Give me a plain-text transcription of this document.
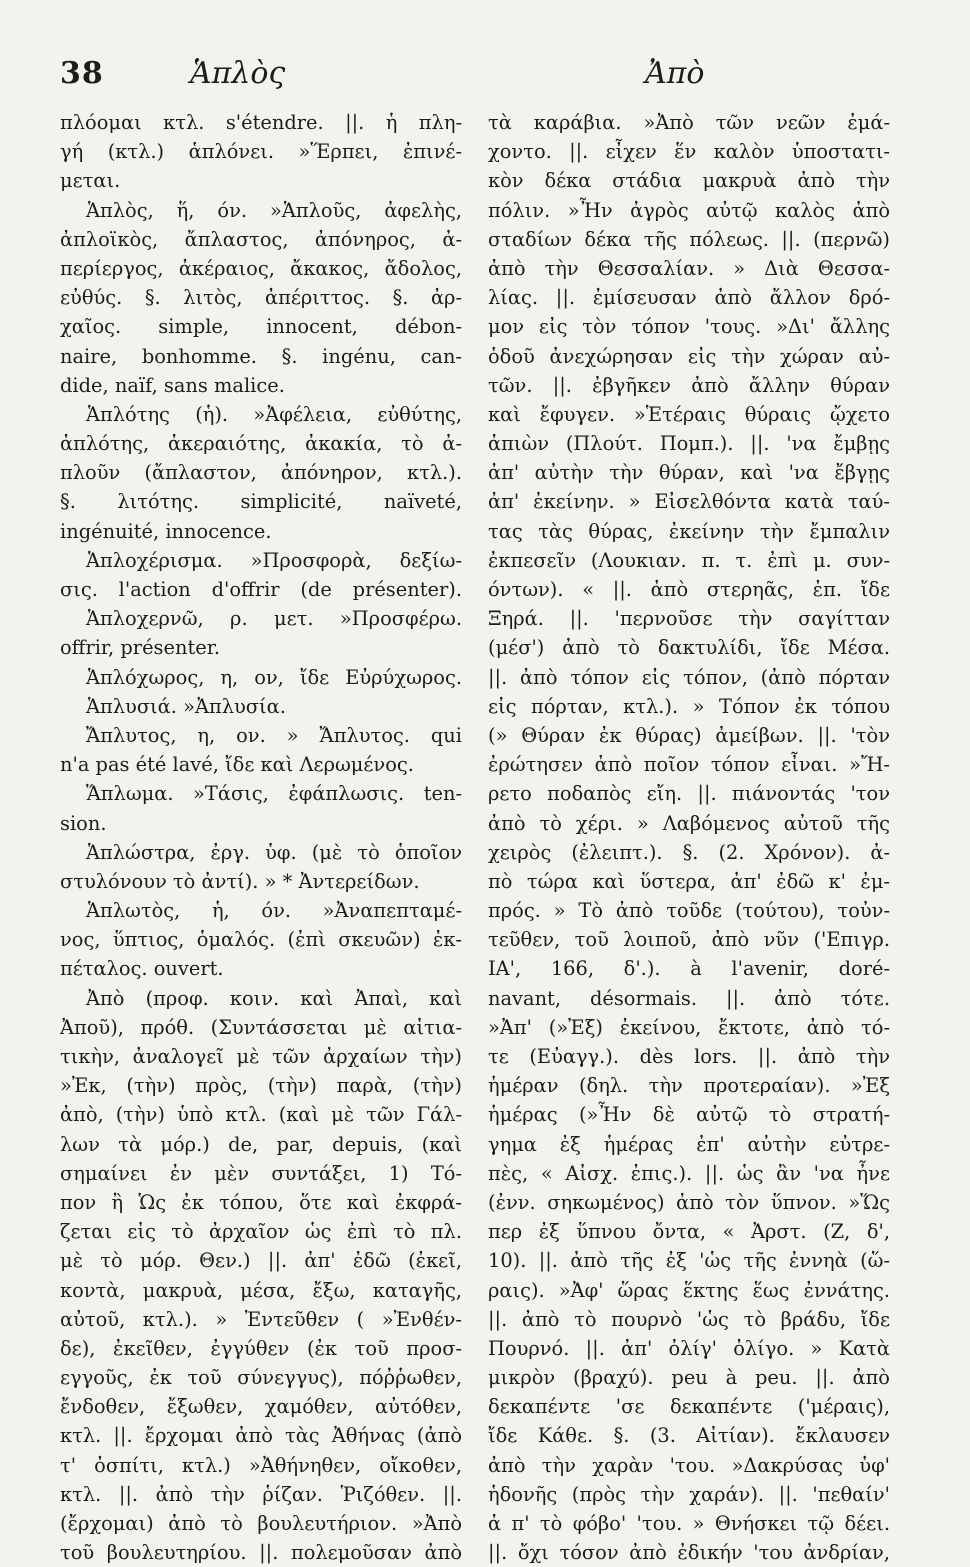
38	Ἁπλὸς	Ἀπὸ
πλόομαι κτλ. s'étendre. ||. ἡ πλη-
γή (κτλ.) ἁπλόνει. »Ἕρπει, ἐπινέ-
μεται.
Ἁπλὸς, ἥ, όν. »Ἁπλοῦς, ἀφελὴς,
ἀπλοϊκὸς, ἄπλαστος, ἀπόνηρος, ἀ-
περίεργος, ἀκέραιος, ἄκακος, ἄδολος,
εὐθύς. §. λιτὸς, ἀπέριττος. §. ἀρ-
χαῖος. simple, innocent, débon-
naire, bonhomme. §. ingénu, can-
dide, naïf, sans malice.
Ἁπλότης (ἡ). »Ἀφέλεια, εὐθύτης,
ἁπλότης, ἀκεραιότης, ἀκακία, τὸ ἀ-
πλοῦν (ἄπλαστον, ἀπόνηρον, κτλ.).
§. λιτότης. simplicité, naïveté,
ingénuité, innocence.
Ἁπλοχέρισμα. »Προσφορὰ, δεξίω-
σις. l'action d'offrir (de présenter).
Ἁπλοχερνῶ, ρ. μετ. »Προσφέρω.
offrir, présenter.
Ἁπλόχωρος, η, ον, ἴδε Εὐρύχωρος.
Ἁπλυσιά. »Ἀπλυσία.
Ἄπλυτος, η, ον. » Ἄπλυτος. qui
n'a pas été lavé, ἴδε καὶ Λερωμένος.
Ἅπλωμα. »Τάσις, ἐφάπλωσις. ten-
sion.
Ἁπλώστρα, ἐργ. ὑφ. (μὲ τὸ ὁποῖον
στυλόνουν τὸ ἀντί). » * Ἀντερείδων.
Ἁπλωτὸς, ἡ, όν. »Ἀναπεπταμέ-
νος, ὕπτιος, ὁμαλός. (ἐπὶ σκευῶν) ἐκ-
πέταλος. ouvert.
Ἀπὸ (προφ. κοιν. καὶ Ἀπαὶ, καὶ
Ἀποῦ), πρόθ. (Συντάσσεται μὲ αἰτια-
τικὴν, ἀναλογεῖ μὲ τῶν ἀρχαίων τὴν)
»Ἐκ, (τὴν) πρὸς, (τὴν) παρὰ, (τὴν)
ἀπὸ, (τὴν) ὑπὸ κτλ. (καὶ μὲ τῶν Γάλ-
λων τὰ μόρ.) de, par, depuis, (καὶ
σημαίνει ἐν μὲν συντάξει, 1) Τό-
πον ἢ Ὡς ἐκ τόπου, ὅτε καὶ ἐκφρά-
ζεται εἰς τὸ ἀρχαῖον ὡς ἐπὶ τὸ πλ.
μὲ τὸ μόρ. Θεν.) ||. ἀπ' ἐδῶ (ἐκεῖ,
κοντὰ, μακρυὰ, μέσα, ἔξω, καταγῆς,
αὐτοῦ, κτλ.). » Ἐντεῦθεν ( »Ἐνθέν-
δε), ἐκεῖθεν, ἐγγύθεν (ἐκ τοῦ προσ-
εγγοῦς, ἐκ τοῦ σύνεγγυς), πόῤῥωθεν,
ἔνδοθεν, ἔξωθεν, χαμόθεν, αὐτόθεν,
κτλ. ||. ἔρχομαι ἀπὸ τὰς Ἀθήνας (ἀπὸ
τ' ὀσπίτι, κτλ.) »Ἀθήνηθεν, οἴκοθεν,
κτλ. ||. ἀπὸ τὴν ῥίζαν. Ῥιζόθεν. ||.
(ἔρχομαι) ἀπὸ τὸ βουλευτήριον. »Ἀπὸ
τοῦ βουλευτηρίου. ||. πολεμοῦσαν ἀπὸ
τὰ καράβια. »Ἀπὸ τῶν νεῶν ἐμά-
χοντο. ||. εἶχεν ἕν καλὸν ὑποστατι-
κὸν δέκα στάδια μακρυὰ ἀπὸ τὴν
πόλιν. »Ἦν ἀγρὸς αὐτῷ καλὸς ἀπὸ
σταδίων δέκα τῆς πόλεως. ||. (περνῶ)
ἀπὸ τὴν Θεσσαλίαν. » Διὰ Θεσσα-
λίας. ||. ἐμίσευσαν ἀπὸ ἄλλον δρό-
μον εἰς τὸν τόπον 'τους. »Δι' ἄλλης
ὁδοῦ ἀνεχώρησαν εἰς τὴν χώραν αὐ-
τῶν. ||. ἐβγῆκεν ἀπὸ ἄλλην θύραν
καὶ ἔφυγεν. »Ἑτέραις θύραις ᾤχετο
ἀπιὼν (Πλούτ. Πομπ.). ||. 'να ἔμβῃς
ἀπ' αὐτὴν τὴν θύραν, καὶ 'να ἔβγῃς
ἀπ' ἐκείνην. » Εἰσελθόντα κατὰ ταύ-
τας τὰς θύρας, ἐκείνην τὴν ἔμπαλιν
ἐκπεσεῖν (Λουκιαν. π. τ. ἐπὶ μ. συν-
όντων). « ||. ἀπὸ στερηᾶς, ἐπ. ἴδε
Ξηρά. ||. 'περνοῦσε τὴν σαγίτταν
(μέσ') ἀπὸ τὸ δακτυλίδι, ἴδε Μέσα.
||. ἀπὸ τόπον εἰς τόπον, (ἀπὸ πόρταν
εἰς πόρταν, κτλ.). » Τόπον ἐκ τόπου
(» Θύραν ἐκ θύρας) ἀμείβων. ||. 'τὸν
ἐρώτησεν ἀπὸ ποῖον τόπον εἶναι. »Ἤ-
ρετο ποδαπὸς εἴη. ||. πιάνοντάς 'τον
ἀπὸ τὸ χέρι. » Λαβόμενος αὐτοῦ τῆς
χειρὸς (ἐλειπτ.). §. (2. Χρόνον). ἀ-
πὸ τώρα καὶ ὕστερα, ἀπ' ἐδῶ κ' ἐμ-
πρός. » Τὸ ἀπὸ τοῦδε (τούτου), τοὐν-
τεῦθεν, τοῦ λοιποῦ, ἀπὸ νῦν ('Επιγρ.
ΙΑ', 166, δ'.). à l'avenir, doré-
navant, désormais. ||. ἀπὸ τότε.
»Ἀπ' (»Ἐξ) ἐκείνου, ἔκτοτε, ἀπὸ τό-
τε (Εὐαγγ.). dès lors. ||. ἀπὸ τὴν
ἡμέραν (δηλ. τὴν προτεραίαν). »Ἐξ
ἡμέρας (»Ἦν δὲ αὐτῷ τὸ στρατή-
γημα ἐξ ἡμέρας ἐπ' αὐτὴν εὐτρε-
πὲς, « Αἰσχ. ἐπις.). ||. ὡς ἂν 'να ἦνε
(ἐνν. σηκωμένος) ἀπὸ τὸν ὕπνον. »Ὥς
περ ἐξ ὕπνου ὄντα, « Ἀρστ. (Ζ, δ',
10). ||. ἀπὸ τῆς ἐξ 'ὡς τῆς ἐννηὰ (ὥ-
ραις). »Ἀφ' ὥρας ἕκτης ἕως ἐννάτης.
||. ἀπὸ τὸ πουρνὸ 'ὡς τὸ βράδυ, ἴδε
Πουρνό. ||. ἀπ' ὀλίγ' ὀλίγο. » Κατὰ
μικρὸν (βραχύ). peu à peu. ||. ἀπὸ
δεκαπέντε 'σε δεκαπέντε ('μέραις),
ἴδε Κάθε. §. (3. Αἰτίαν). ἔκλαυσεν
ἀπὸ τὴν χαρὰν 'του. »Δακρύσας ὑφ'
ἡδονῆς (πρὸς τὴν χαράν). ||. 'πεθαίν'
ἀ π' τὸ φόβο' 'του. » Θνήσκει τῷ δέει.
||. ὄχι τόσον ἀπὸ ἐδικήν 'του ἀνδρίαν,
